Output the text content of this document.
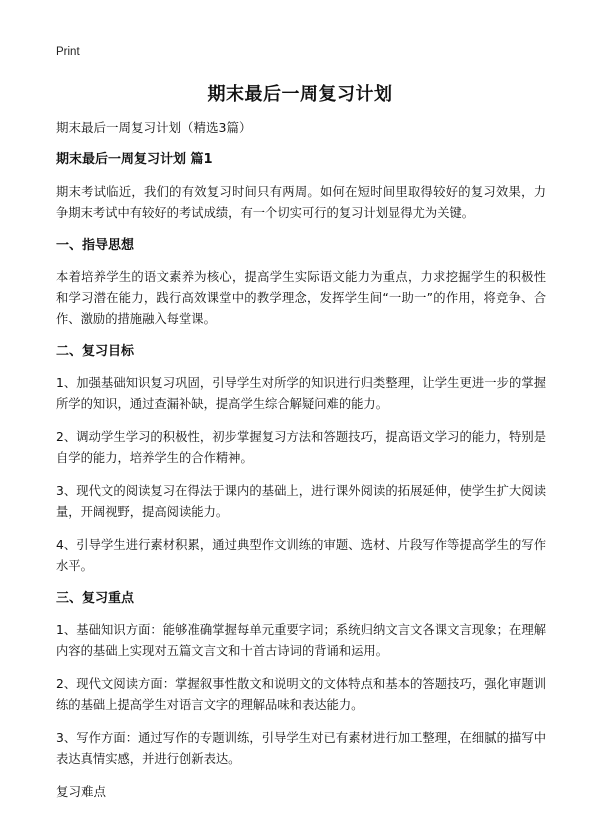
Print
期末最后一周复习计划

期末最后一周复习计划（精选3篇）

期末最后一周复习计划 篇1

期末考试临近，我们的有效复习时间只有两周。如何在短时间里取得较好的复习效果，力争期末考试中有较好的考试成绩，有一个切实可行的复习计划显得尤为关键。

一、指导思想

本着培养学生的语文素养为核心，提高学生实际语文能力为重点，力求挖掘学生的积极性和学习潜在能力，践行高效课堂中的教学理念，发挥学生间“一助一”的作用，将竞争、合作、激励的措施融入每堂课。

二、复习目标

1、加强基础知识复习巩固，引导学生对所学的知识进行归类整理，让学生更进一步的掌握所学的知识，通过查漏补缺，提高学生综合解疑问难的能力。

2、调动学生学习的积极性，初步掌握复习方法和答题技巧，提高语文学习的能力，特别是自学的能力，培养学生的合作精神。

3、现代文的阅读复习在得法于课内的基础上，进行课外阅读的拓展延伸，使学生扩大阅读量，开阔视野，提高阅读能力。

4、引导学生进行素材积累，通过典型作文训练的审题、选材、片段写作等提高学生的写作水平。

三、复习重点

1、基础知识方面：能够准确掌握每单元重要字词；系统归纳文言文各课文言现象；在理解内容的基础上实现对五篇文言文和十首古诗词的背诵和运用。

2、现代文阅读方面：掌握叙事性散文和说明文的文体特点和基本的答题技巧，强化审题训练的基础上提高学生对语言文字的理解品味和表达能力。

3、写作方面：通过写作的专题训练，引导学生对已有素材进行加工整理，在细腻的描写中表达真情实感，并进行创新表达。

复习难点
